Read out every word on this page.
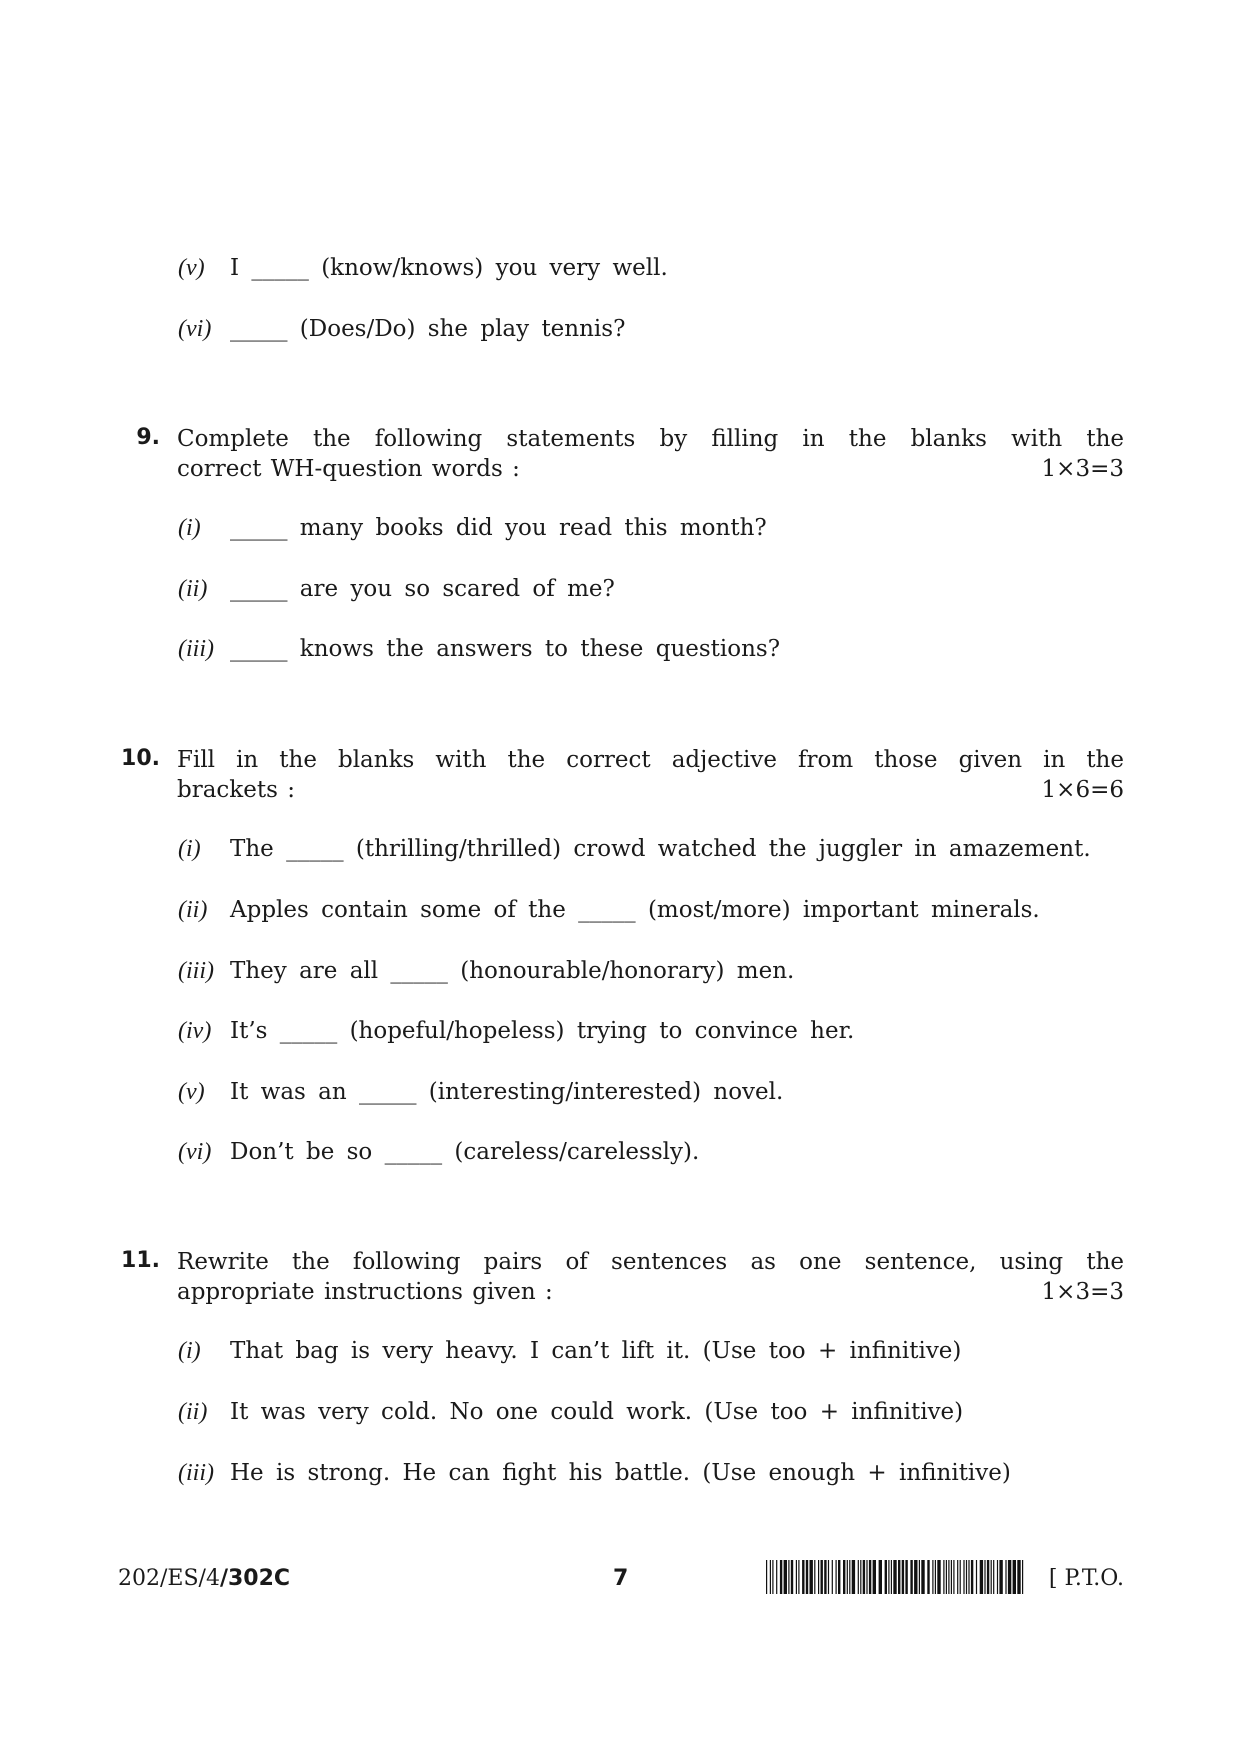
(v) I _____ (know/knows) you very well.
(vi) _____ (Does/Do) she play tennis?
9. Complete the following statements by filling in the blanks with the
correct WH-question words :	1×3=3
(i) _____ many books did you read this month?
(ii) _____ are you so scared of me?
(iii) _____ knows the answers to these questions?
10. Fill in the blanks with the correct adjective from those given in the
brackets :	1×6=6
(i) The _____ (thrilling/thrilled) crowd watched the juggler in amazement.
(ii) Apples contain some of the _____ (most/more) important minerals.
(iii) They are all _____ (honourable/honorary) men.
(iv) It’s _____ (hopeful/hopeless) trying to convince her.
(v) It was an _____ (interesting/interested) novel.
(vi) Don’t be so _____ (careless/carelessly).
11. Rewrite the following pairs of sentences as one sentence, using the
appropriate instructions given :	1×3=3
(i) That bag is very heavy. I can’t lift it. (Use too + infinitive)
(ii) It was very cold. No one could work. (Use too + infinitive)
(iii) He is strong. He can fight his battle. (Use enough + infinitive)
202/ES/4/302C	7	[ P.T.O.
